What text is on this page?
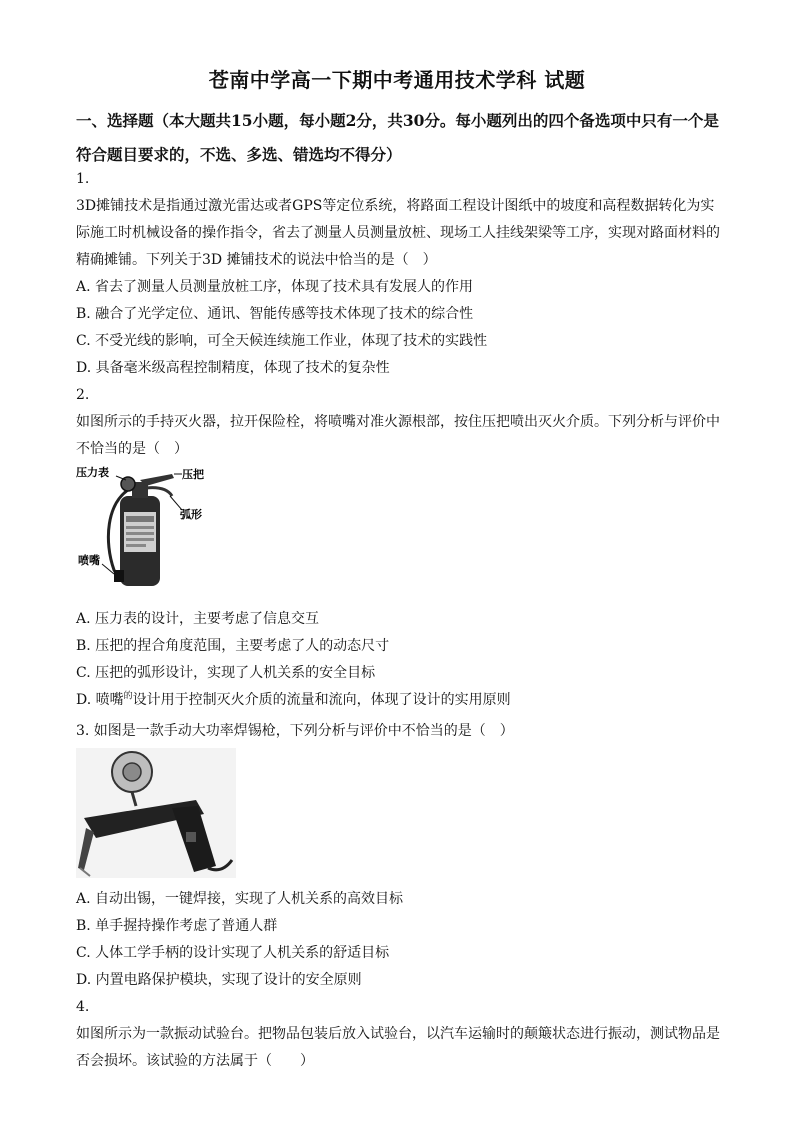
苍南中学高一下期中考通用技术学科 试题
一、选择题（本大题共15小题，每小题2分，共30分。每小题列出的四个备选项中只有一个是符合题目要求的，不选、多选、错选均不得分）

1.

3D摊铺技术是指通过激光雷达或者GPS等定位系统，将路面工程设计图纸中的坡度和高程数据转化为实际施工时机械设备的操作指令，省去了测量人员测量放桩、现场工人挂线架梁等工序，实现对路面材料的精确摊铺。下列关于3D 摊铺技术的说法中恰当的是（　）

A. 省去了测量人员测量放桩工序，体现了技术具有发展人的作用

B. 融合了光学定位、通讯、智能传感等技术体现了技术的综合性

C. 不受光线的影响，可全天候连续施工作业，体现了技术的实践性

D. 具备毫米级高程控制精度，体现了技术的复杂性

2.

如图所示的手持灭火器，拉开保险栓，将喷嘴对准火源根部，按住压把喷出灭火介质。下列分析与评价中不恰当的是（　）

压力表	压把
弧形
喷嘴

A. 压力表的设计，主要考虑了信息交互

B. 压把的捏合角度范围，主要考虑了人的动态尺寸

C. 压把的弧形设计，实现了人机关系的安全目标

D. 喷嘴$^的$设计用于控制灭火介质的流量和流向，体现了设计的实用原则

3. 如图是一款手动大功率焊锡枪，下列分析与评价中不恰当的是（　）

A. 自动出锡，一键焊接，实现了人机关系的高效目标

B. 单手握持操作考虑了普通人群

C. 人体工学手柄的设计实现了人机关系的舒适目标

D. 内置电路保护模块，实现了设计的安全原则

4.

如图所示为一款振动试验台。把物品包装后放入试验台，以汽车运输时的颠簸状态进行振动，测试物品是否会损坏。该试验的方法属于（　　）
